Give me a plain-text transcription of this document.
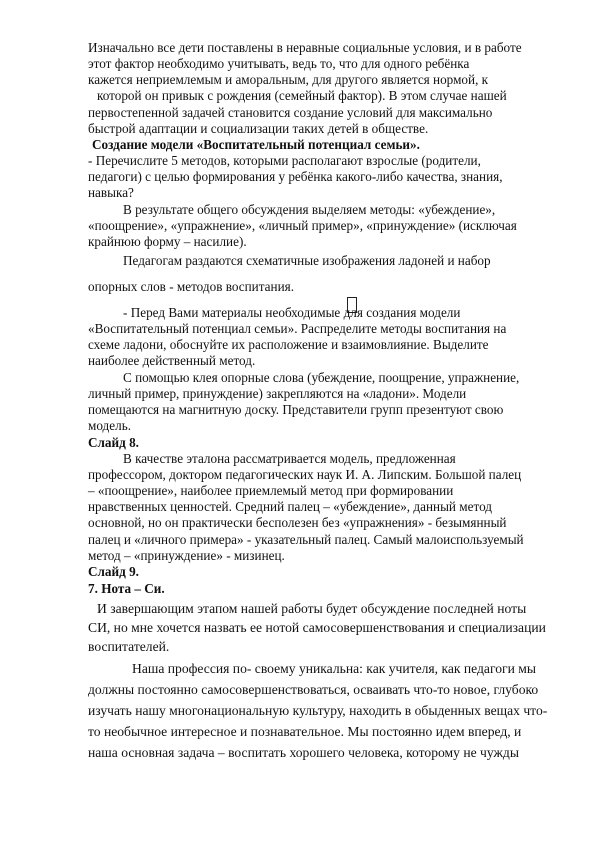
Изначально все дети поставлены в неравные социальные условия, и в работе
этот фактор необходимо учитывать, ведь то, что для одного ребёнка
кажется неприемлемым и аморальным, для другого является нормой, к
которой он привык с рождения (семейный фактор). В этом случае нашей
первостепенной задачей становится создание условий для максимально
быстрой адаптации и социализации таких детей в обществе.
Создание модели «Воспитательный потенциал семьи».
- Перечислите 5 методов, которыми располагают взрослые (родители,
педагоги) с целью формирования у ребёнка какого-либо качества, знания,
навыка?
В результате общего обсуждения выделяем методы: «убеждение»,
«поощрение», «упражнение», «личный пример», «принуждение» (исключая
крайнюю форму – насилие).
Педагогам раздаются схематичные изображения ладоней и набор
опорных слов - методов воспитания.
- Перед Вами материалы необходимые для создания модели
«Воспитательный потенциал семьи». Распределите методы воспитания на
схеме ладони, обоснуйте их расположение и взаимовлияние. Выделите
наиболее действенный метод.
С помощью клея опорные слова (убеждение, поощрение, упражнение,
личный пример, принуждение) закрепляются на «ладони». Модели
помещаются на магнитную доску. Представители групп презентуют свою
модель.
Слайд 8.
В качестве эталона рассматривается модель, предложенная
профессором, доктором педагогических наук И. А. Липским. Большой палец
– «поощрение», наиболее приемлемый метод при формировании
нравственных ценностей. Средний палец – «убеждение», данный метод
основной, но он практически бесполезен без «упражнения» - безымянный
палец и «личного примера» - указательный палец. Самый малоиспользуемый
метод – «принуждение» - мизинец.
Слайд 9.
7. Нота – Си.
И завершающим этапом нашей работы будет обсуждение последней ноты
СИ, но мне хочется назвать ее нотой самосовершенствования и специализации
воспитателей.
Наша профессия по- своему уникальна: как учителя, как педагоги мы
должны постоянно самосовершенствоваться, осваивать что-то новое, глубоко
изучать нашу многонациональную культуру, находить в обыденных вещах что-
то необычное интересное и познавательное. Мы постоянно идем вперед, и
наша основная задача – воспитать хорошего человека, которому не чужды
